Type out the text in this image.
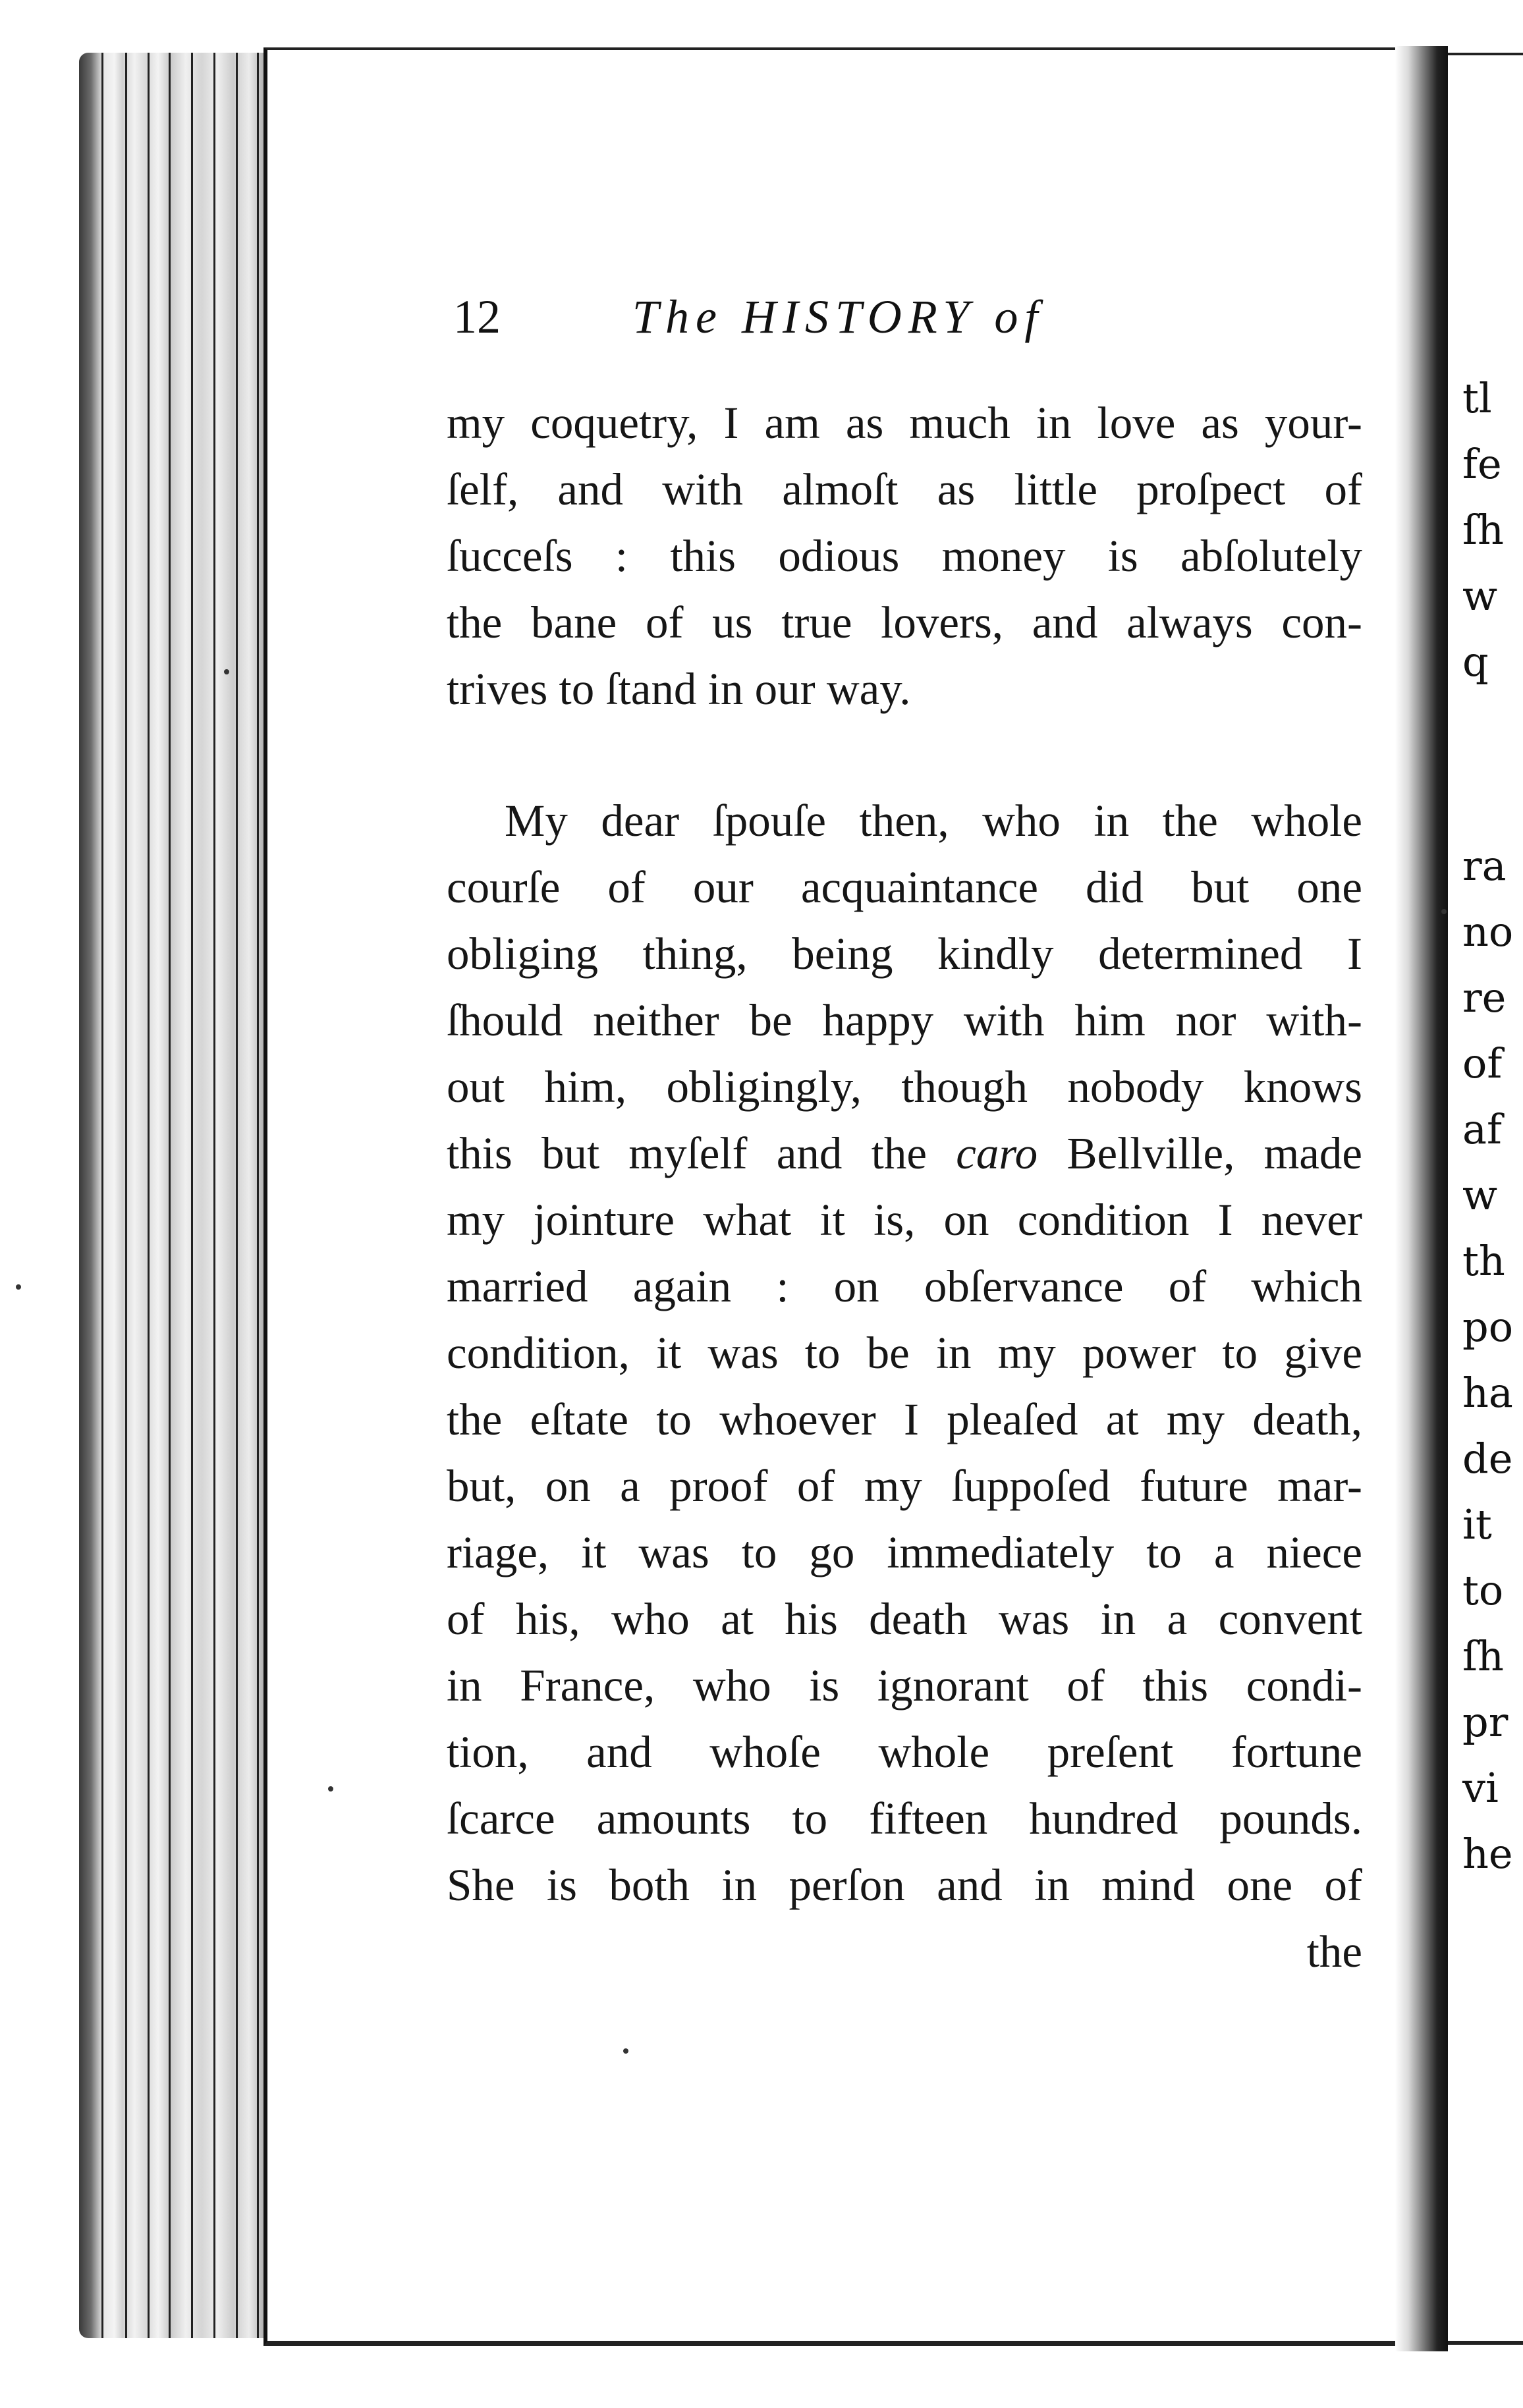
tl
fe
ſh
w
q
ra
no
re
of
af
w
th
po
ha
de
it
to
ſh
pr
vi
he
12	The HISTORY of
my coquetry, I am as much in love as your-
ſelf, and with almoſt as little proſpect of
ſucceſs : this odious money is abſolutely
the bane of us true lovers, and always con-
trives to ſtand in our way.
My dear ſpouſe then, who in the whole
courſe of our acquaintance did but one
obliging thing, being kindly determined I
ſhould neither be happy with him nor with-
out him, obligingly, though nobody knows
this but myſelf and the caro Bellville, made
my jointure what it is, on condition I never
married again : on obſervance of which
condition, it was to be in my power to give
the eſtate to whoever I pleaſed at my death,
but, on a proof of my ſuppoſed future mar-
riage, it was to go immediately to a niece
of his, who at his death was in a convent
in France, who is ignorant of this condi-
tion, and whoſe whole preſent fortune
ſcarce amounts to fifteen hundred pounds.
She is both in perſon and in mind one of
the
